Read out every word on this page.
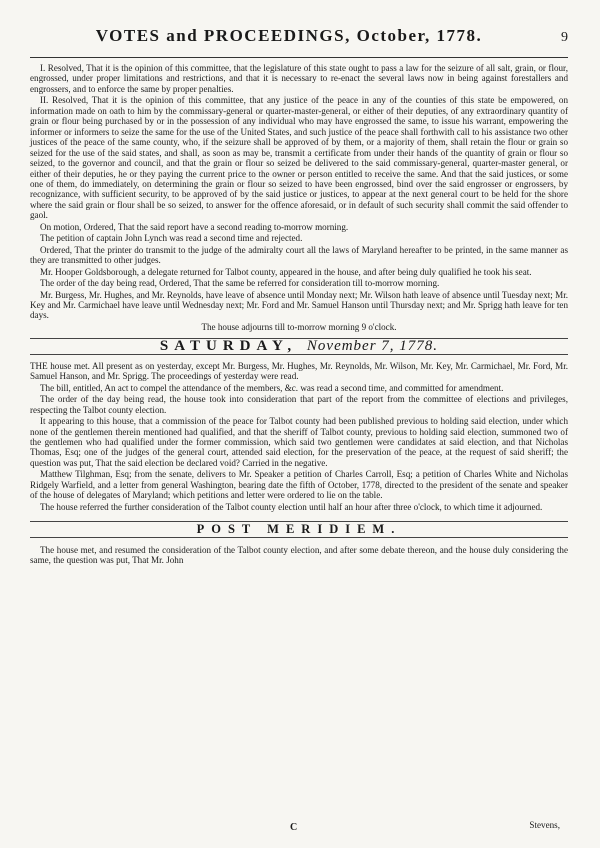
VOTES and PROCEEDINGS, October, 1778.	9

I. Resolved, That it is the opinion of this committee, that the legislature of this state ought to pass a law for the seizure of all salt, grain, or flour, engrossed, under proper limitations and restrictions, and that it is necessary to re-enact the several laws now in being against forestallers and engrossers, and to enforce the same by proper penalties.

II. Resolved, That it is the opinion of this committee, that any justice of the peace in any of the counties of this state be empowered, on information made on oath to him by the commissary-general or quarter-master-general, or either of their deputies, of any extraordinary quantity of grain or flour being purchased by or in the possession of any individual who may have engrossed the same, to issue his warrant, empowering the informer or informers to seize the same for the use of the United States, and such justice of the peace shall forthwith call to his assistance two other justices of the peace of the same county, who, if the seizure shall be approved of by them, or a majority of them, shall retain the flour or grain so seized for the use of the said states, and shall, as soon as may be, transmit a certificate from under their hands of the quantity of grain or flour so seized, to the governor and council, and that the grain or flour so seized be delivered to the said commissary-general, quarter-master general, or either of their deputies, he or they paying the current price to the owner or person entitled to receive the same. And that the said justices, or some one of them, do immediately, on determining the grain or flour so seized to have been engrossed, bind over the said engrosser or engrossers, by recognizance, with sufficient security, to be approved of by the said justice or justices, to appear at the next general court to be held for the shore where the said grain or flour shall be so seized, to answer for the offence aforesaid, or in default of such security shall commit the said offender to gaol.

On motion, Ordered, That the said report have a second reading to-morrow morning.

The petition of captain John Lynch was read a second time and rejected.

Ordered, That the printer do transmit to the judge of the admiralty court all the laws of Maryland hereafter to be printed, in the same manner as they are transmitted to other judges.

Mr. Hooper Goldsborough, a delegate returned for Talbot county, appeared in the house, and after being duly qualified he took his seat.

The order of the day being read, Ordered, That the same be referred for consideration till to-morrow morning.

Mr. Burgess, Mr. Hughes, and Mr. Reynolds, have leave of absence until Monday next; Mr. Wilson hath leave of absence until Tuesday next; Mr. Key and Mr. Carmichael have leave until Wednesday next; Mr. Ford and Mr. Samuel Hanson until Thursday next; and Mr. Sprigg hath leave for ten days.

The house adjourns till to-morrow morning 9 o'clock.

SATURDAY, November 7, 1778.

THE house met. All present as on yesterday, except Mr. Burgess, Mr. Hughes, Mr. Reynolds, Mr. Wilson, Mr. Key, Mr. Carmichael, Mr. Ford, Mr. Samuel Hanson, and Mr. Sprigg. The proceedings of yesterday were read.

The bill, entitled, An act to compel the attendance of the members, &c. was read a second time, and committed for amendment.

The order of the day being read, the house took into consideration that part of the report from the committee of elections and privileges, respecting the Talbot county election.

It appearing to this house, that a commission of the peace for Talbot county had been published previous to holding said election, under which none of the gentlemen therein mentioned had qualified, and that the sheriff of Talbot county, previous to holding said election, summoned two of the gentlemen who had qualified under the former commission, which said two gentlemen were candidates at said election, and that Nicholas Thomas, Esq; one of the judges of the general court, attended said election, for the preservation of the peace, at the request of said sheriff; the question was put, That the said election be declared void? Carried in the negative.

Matthew Tilghman, Esq; from the senate, delivers to Mr. Speaker a petition of Charles Carroll, Esq; a petition of Charles White and Nicholas Ridgely Warfield, and a letter from general Washington, bearing date the fifth of October, 1778, directed to the president of the senate and speaker of the house of delegates of Maryland; which petitions and letter were ordered to lie on the table.

The house referred the further consideration of the Talbot county election until half an hour after three o'clock, to which time it adjourned.

POST MERIDIEM.

The house met, and resumed the consideration of the Talbot county election, and after some debate thereon, and the house duly considering the same, the question was put, That Mr. John

C	Stevens,
